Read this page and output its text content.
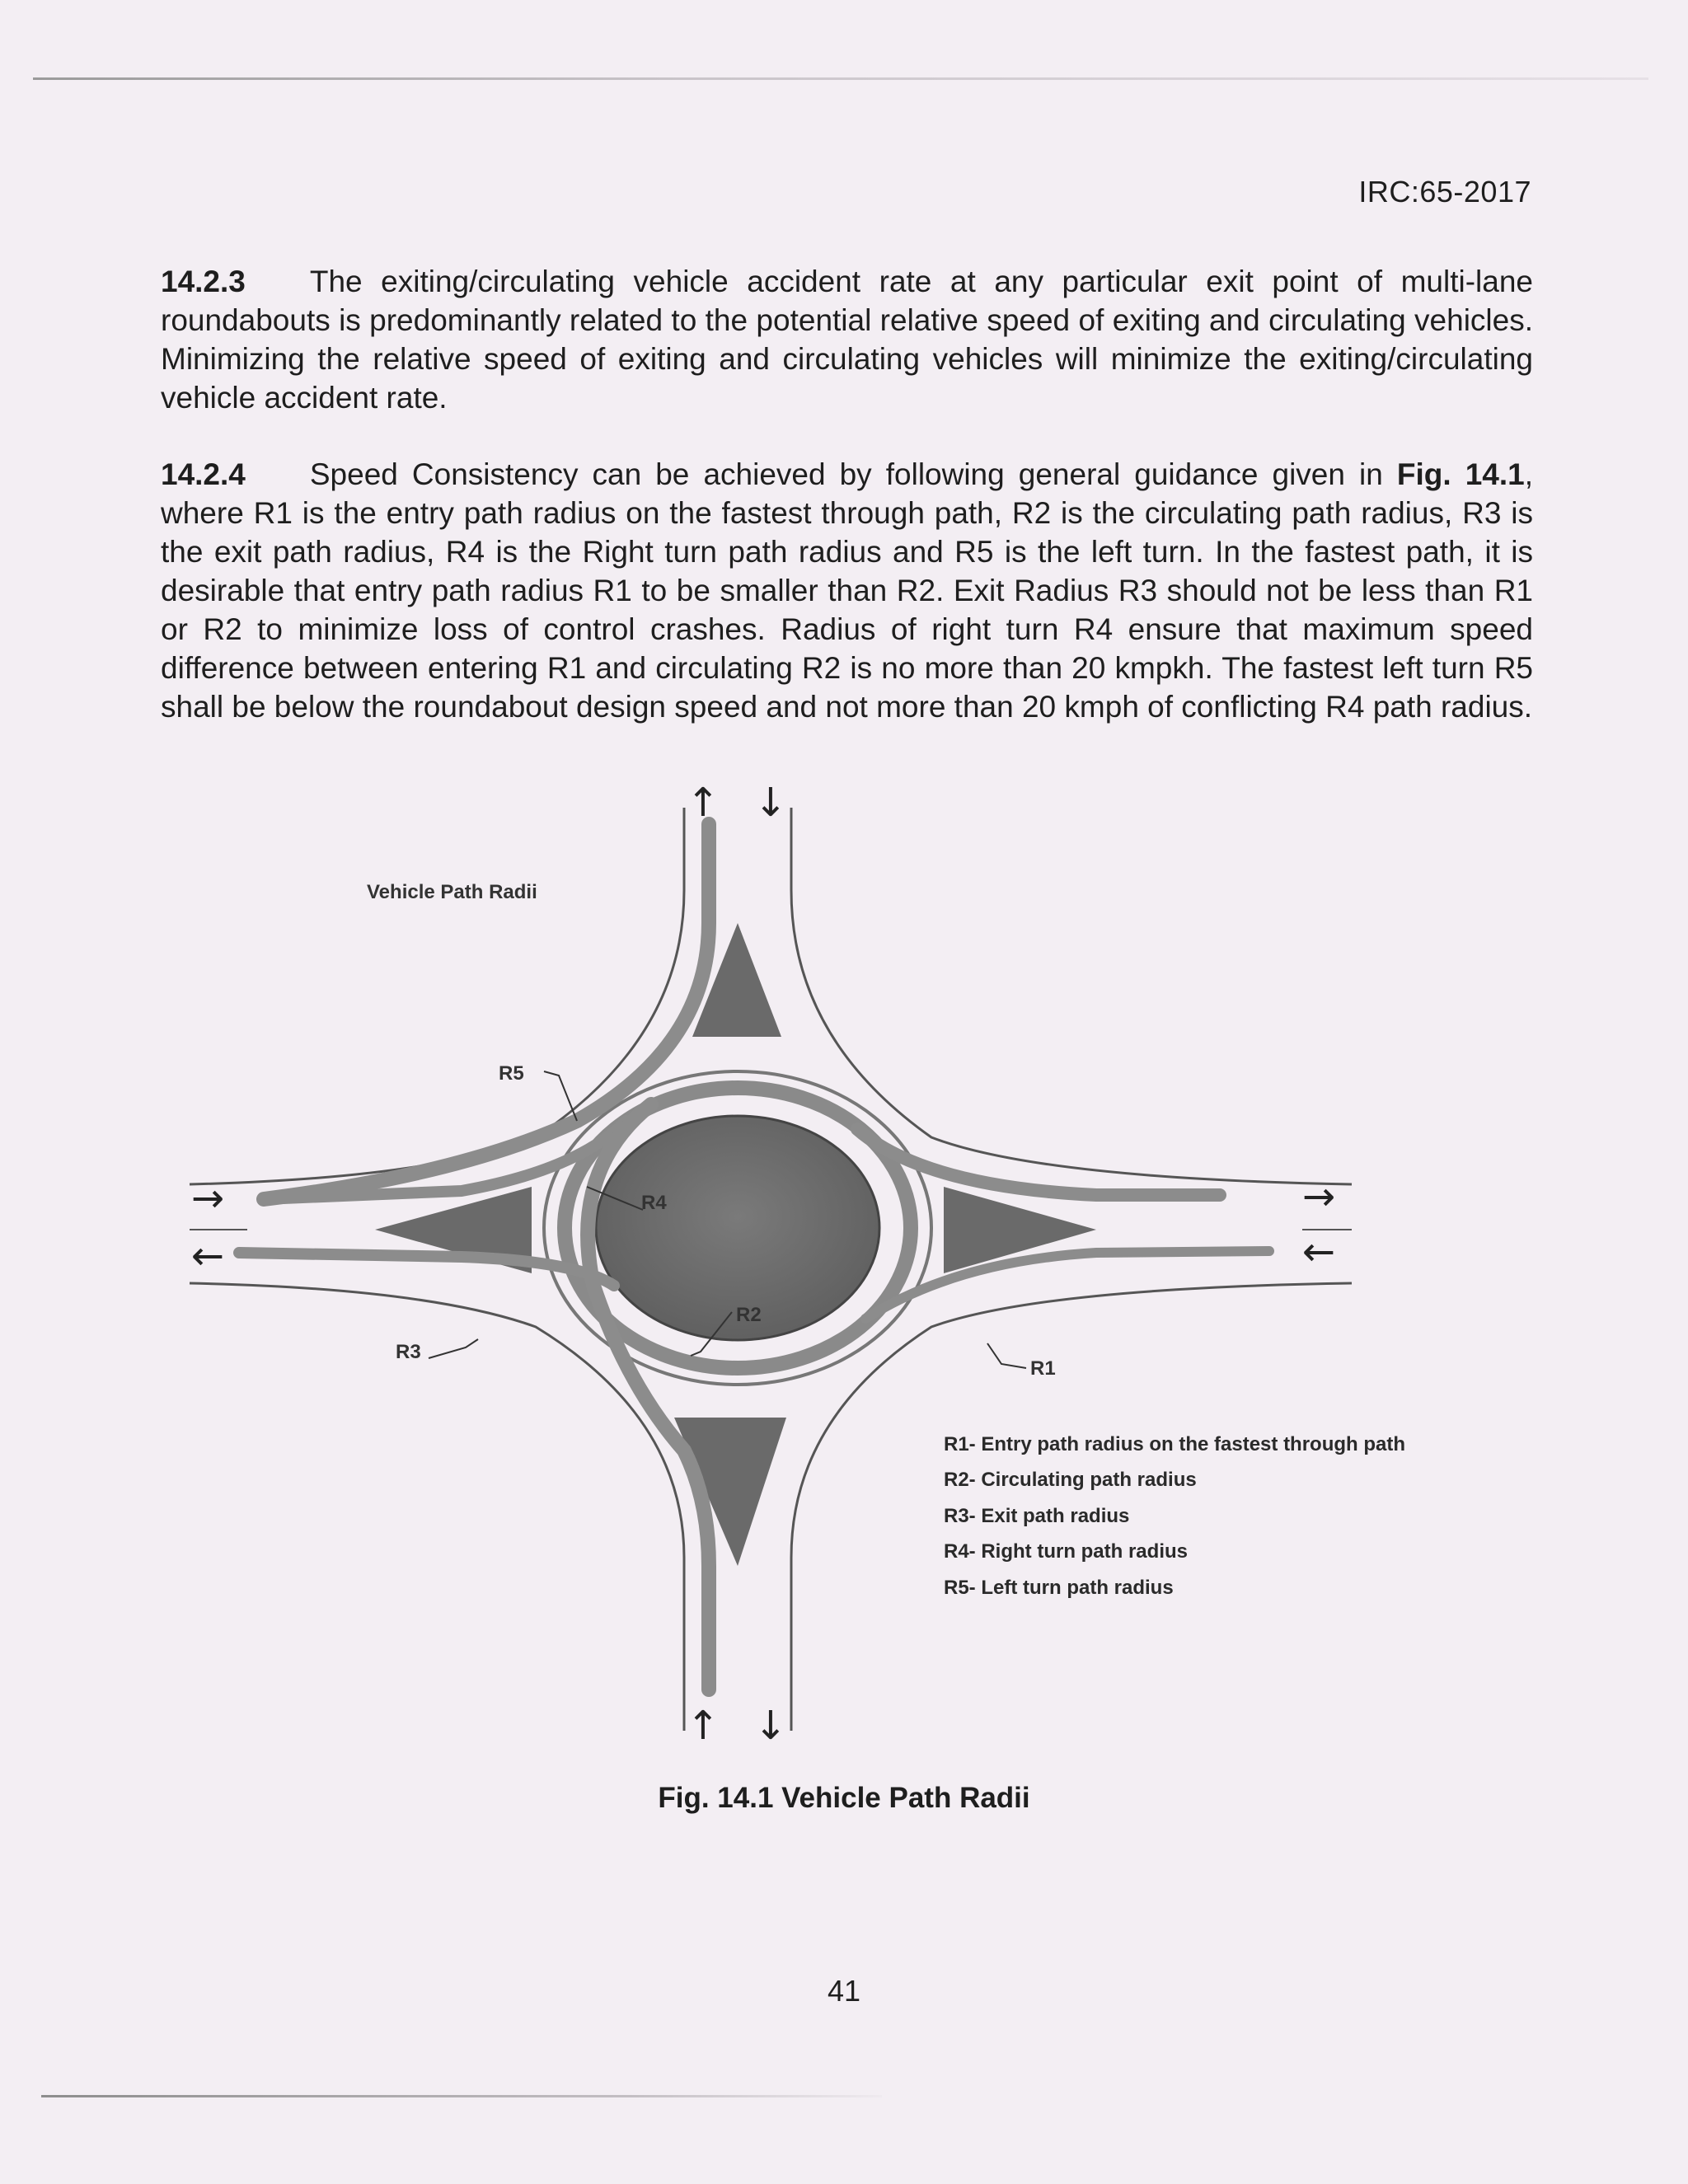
IRC:65-2017

14.2.3 The exiting/circulating vehicle accident rate at any particular exit point of multi-lane roundabouts is predominantly related to the potential relative speed of exiting and circulating vehicles. Minimizing the relative speed of exiting and circulating vehicles will minimize the exiting/circulating vehicle accident rate.

14.2.4 Speed Consistency can be achieved by following general guidance given in Fig. 14.1, where R1 is the entry path radius on the fastest through path, R2 is the circulating path radius, R3 is the exit path radius, R4 is the Right turn path radius and R5 is the left turn. In the fastest path, it is desirable that entry path radius R1 to be smaller than R2. Exit Radius R3 should not be less than R1 or R2 to minimize loss of control crashes. Radius of right turn R4 ensure that maximum speed difference between entering R1 and circulating R2 is no more than 20 kmpkh. The fastest left turn R5 shall be below the roundabout design speed and not more than 20 kmph of conflicting R4 path radius.

↑ ↓
↑ ↓
→
←
→
←
Vehicle Path Radii
R5
R4
R2
R3
R1
R1- Entry path radius on the fastest through path
R2- Circulating path radius
R3- Exit path radius
R4- Right turn path radius
R5- Left turn path radius
Fig. 14.1 Vehicle Path Radii
41
